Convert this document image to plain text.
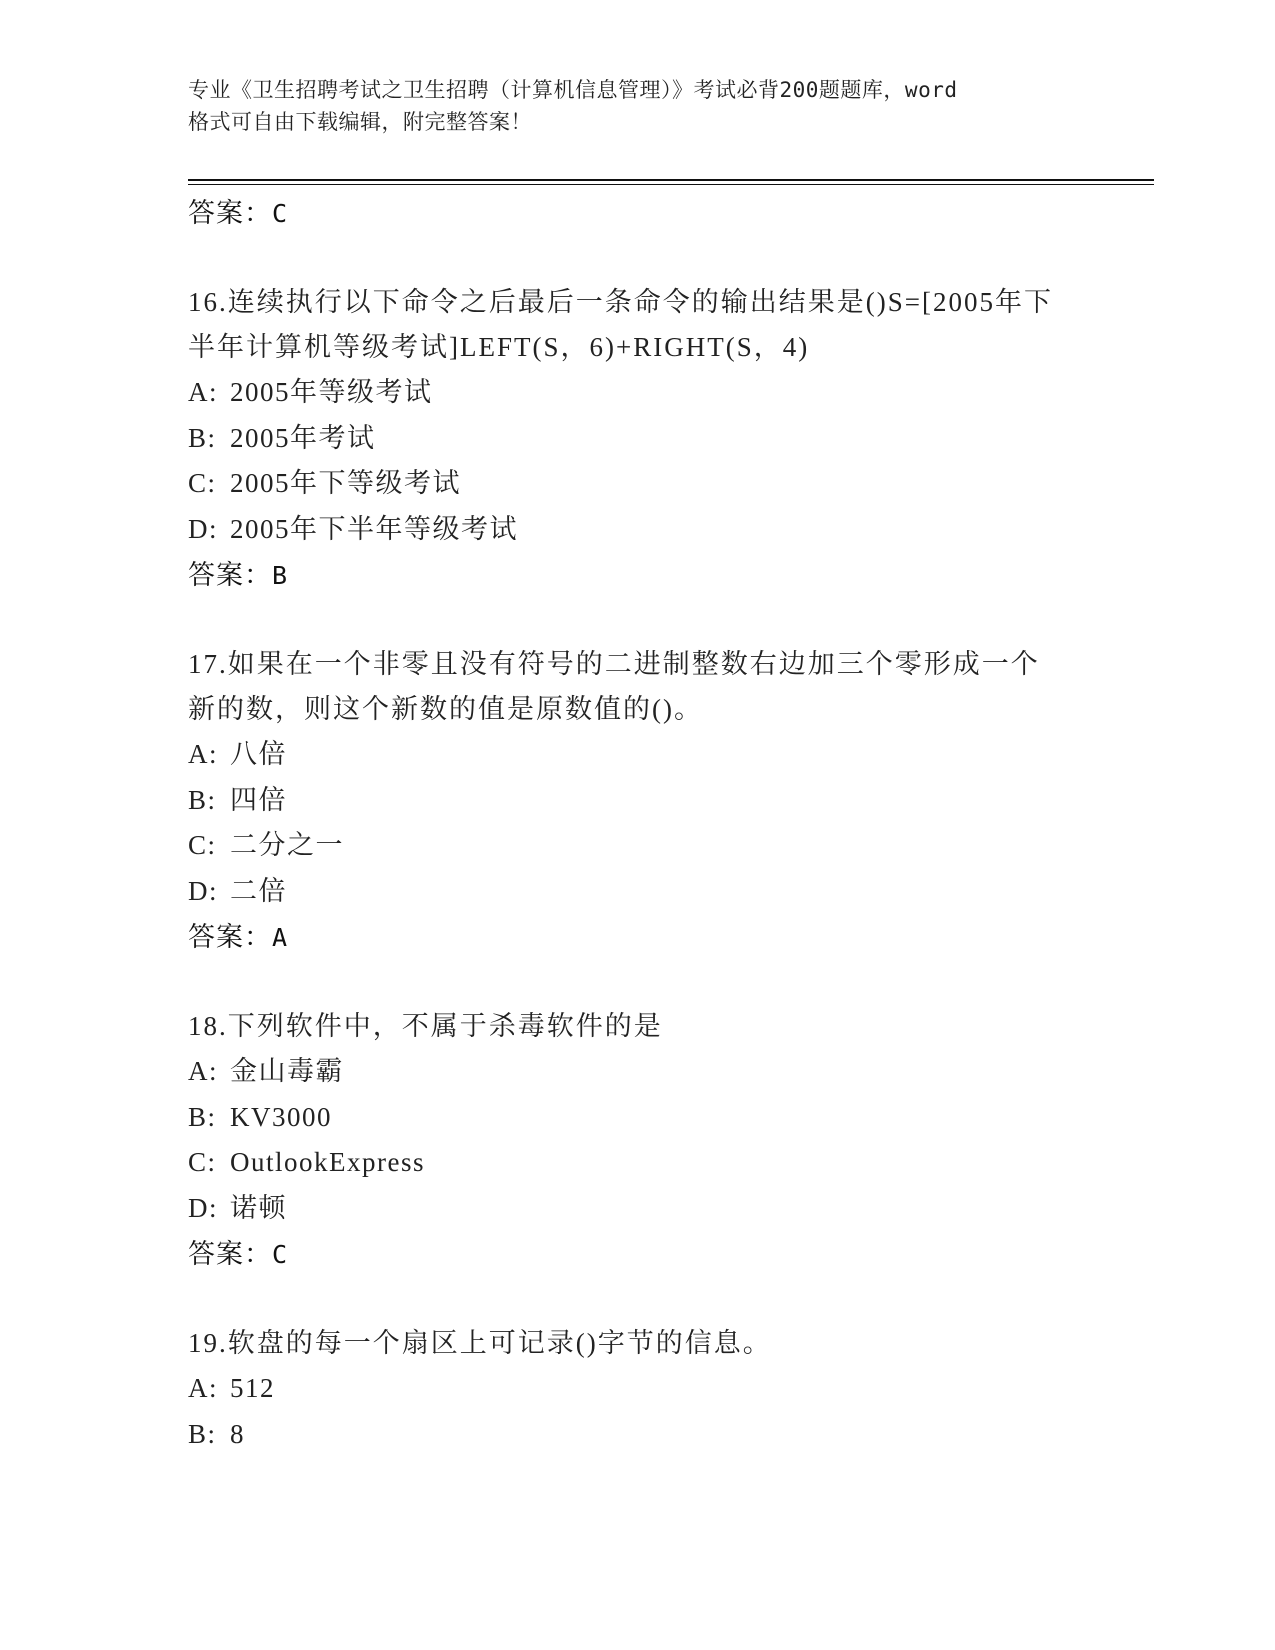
专业《卫生招聘考试之卫生招聘（计算机信息管理）》考试必背200题题库，word
格式可自由下载编辑，附完整答案！
答案：C
16.连续执行以下命令之后最后一条命令的输出结果是()S=[2005年下半年计算机等级考试]LEFT(S，6)+RIGHT(S，4)
A: 2005年等级考试
B: 2005年考试
C: 2005年下等级考试
D: 2005年下半年等级考试
答案：B
17.如果在一个非零且没有符号的二进制整数右边加三个零形成一个新的数，则这个新数的值是原数值的()。
A: 八倍
B: 四倍
C: 二分之一
D: 二倍
答案：A
18.下列软件中，不属于杀毒软件的是
A: 金山毒霸
B: KV3000
C: OutlookExpress
D: 诺顿
答案：C
19.软盘的每一个扇区上可记录()字节的信息。
A: 512
B: 8
